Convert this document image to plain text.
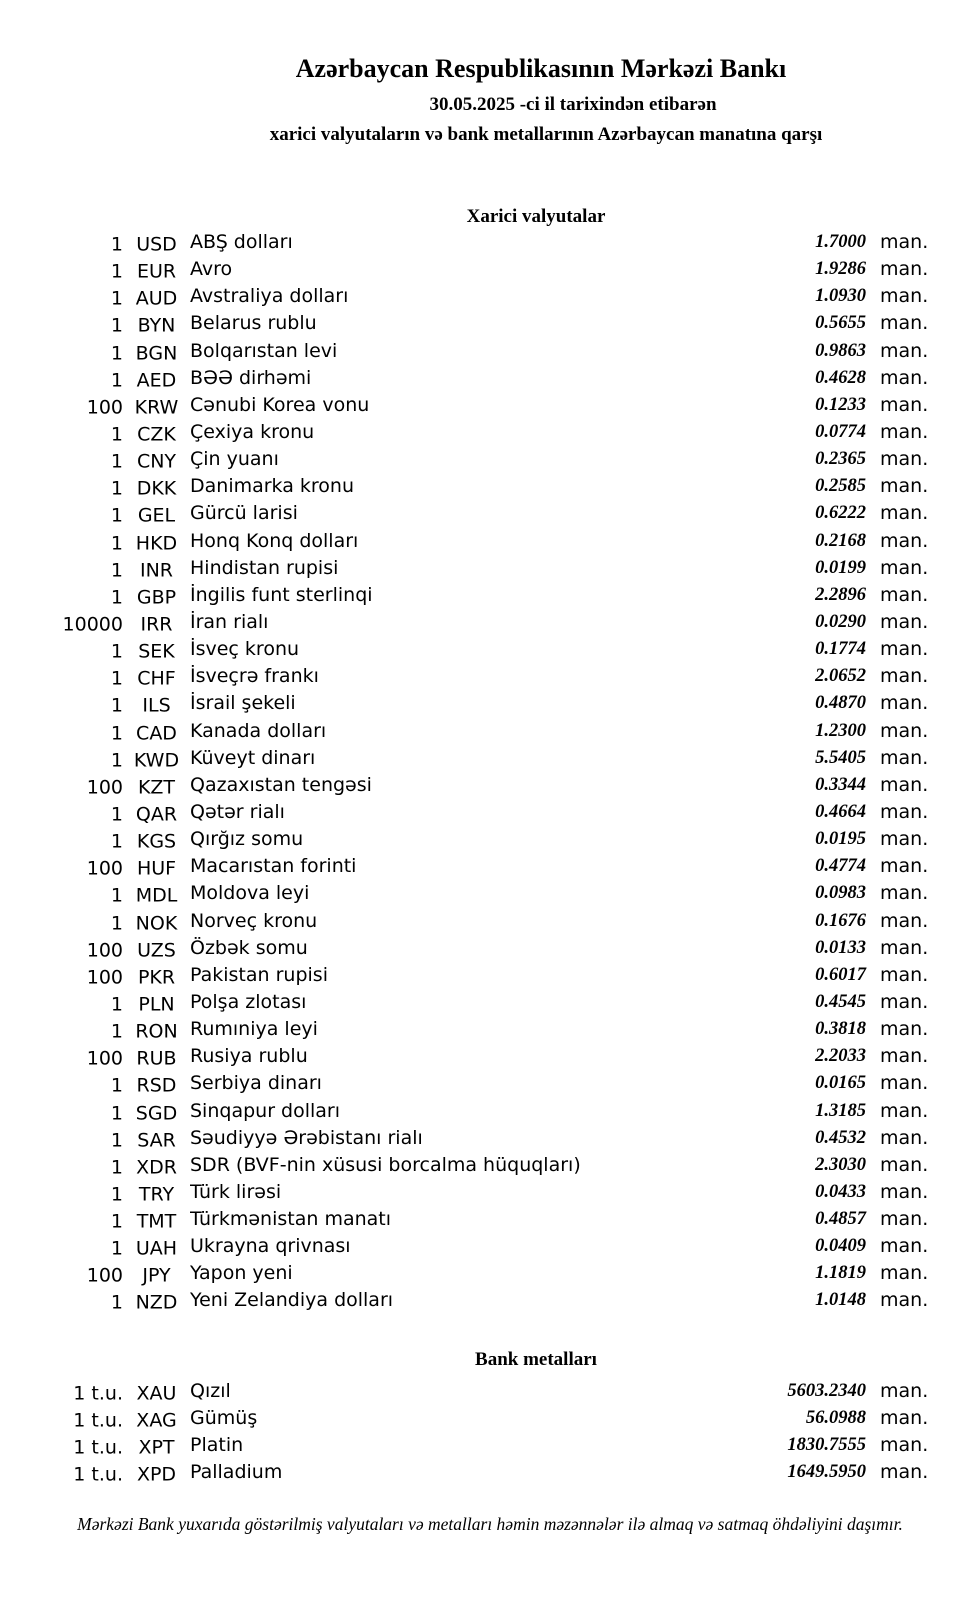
Azərbaycan Respublikasının Mərkəzi Bankı
30.05.2025 -ci il tarixindən etibarən
xarici valyutaların və bank metallarının Azərbaycan manatına qarşı
Xarici valyutalar
1 USD ABŞ dolları	1.7000 man.
1 EUR Avro	1.9286 man.
1 AUD Avstraliya dolları	1.0930 man.
1 BYN Belarus rublu	0.5655 man.
1 BGN Bolqarıstan levi	0.9863 man.
1 AED BƏƏ dirhəmi	0.4628 man.
100 KRW Cənubi Korea vonu	0.1233 man.
1 CZK Çexiya kronu	0.0774 man.
1 CNY Çin yuanı	0.2365 man.
1 DKK Danimarka kronu	0.2585 man.
1 GEL Gürcü larisi	0.6222 man.
1 HKD Honq Konq dolları	0.2168 man.
1 INR Hindistan rupisi	0.0199 man.
1 GBP İngilis funt sterlinqi	2.2896 man.
10000 IRR İran rialı	0.0290 man.
1 SEK İsveç kronu	0.1774 man.
1 CHF İsveçrə frankı	2.0652 man.
1	ILS	İsrail şekeli	0.4870 man.
1 CAD Kanada dolları	1.2300 man.
1 KWD Küveyt dinarı	5.5405 man.
100 KZT Qazaxıstan tengəsi	0.3344 man.
1 QAR Qətər rialı	0.4664 man.
1 KGS Qırğız somu	0.0195 man.
100 HUF Macarıstan forinti	0.4774 man.
1 MDL Moldova leyi	0.0983 man.
1 NOK Norveç kronu	0.1676 man.
100 UZS Özbək somu	0.0133 man.
100 PKR Pakistan rupisi	0.6017 man.
1 PLN Polşa zlotası	0.4545 man.
1 RON Rumıniya leyi	0.3818 man.
100 RUB Rusiya rublu	2.2033 man.
1 RSD Serbiya dinarı	0.0165 man.
1 SGD Sinqapur dolları	1.3185 man.
1 SAR Səudiyyə Ərəbistanı rialı	0.4532 man.
1 XDR SDR (BVF-nin xüsusi borcalma hüquqları)	2.3030 man.
1 TRY Türk lirəsi	0.0433 man.
1 TMT Türkmənistan manatı	0.4857 man.
1 UAH Ukrayna qrivnası	0.0409 man.
100	JPY	Yapon yeni	1.1819 man.
1 NZD Yeni Zelandiya dolları	1.0148 man.
Bank metalları
1 t.u. XAU Qızıl	5603.2340 man.
1 t.u. XAG Gümüş	56.0988 man.
1 t.u. XPT Platin	1830.7555 man.
1 t.u. XPD Palladium	1649.5950 man.
Mərkəzi Bank yuxarıda göstərilmiş valyutaları və metalları həmin məzənnələr ilə almaq və satmaq öhdəliyini daşımır.
